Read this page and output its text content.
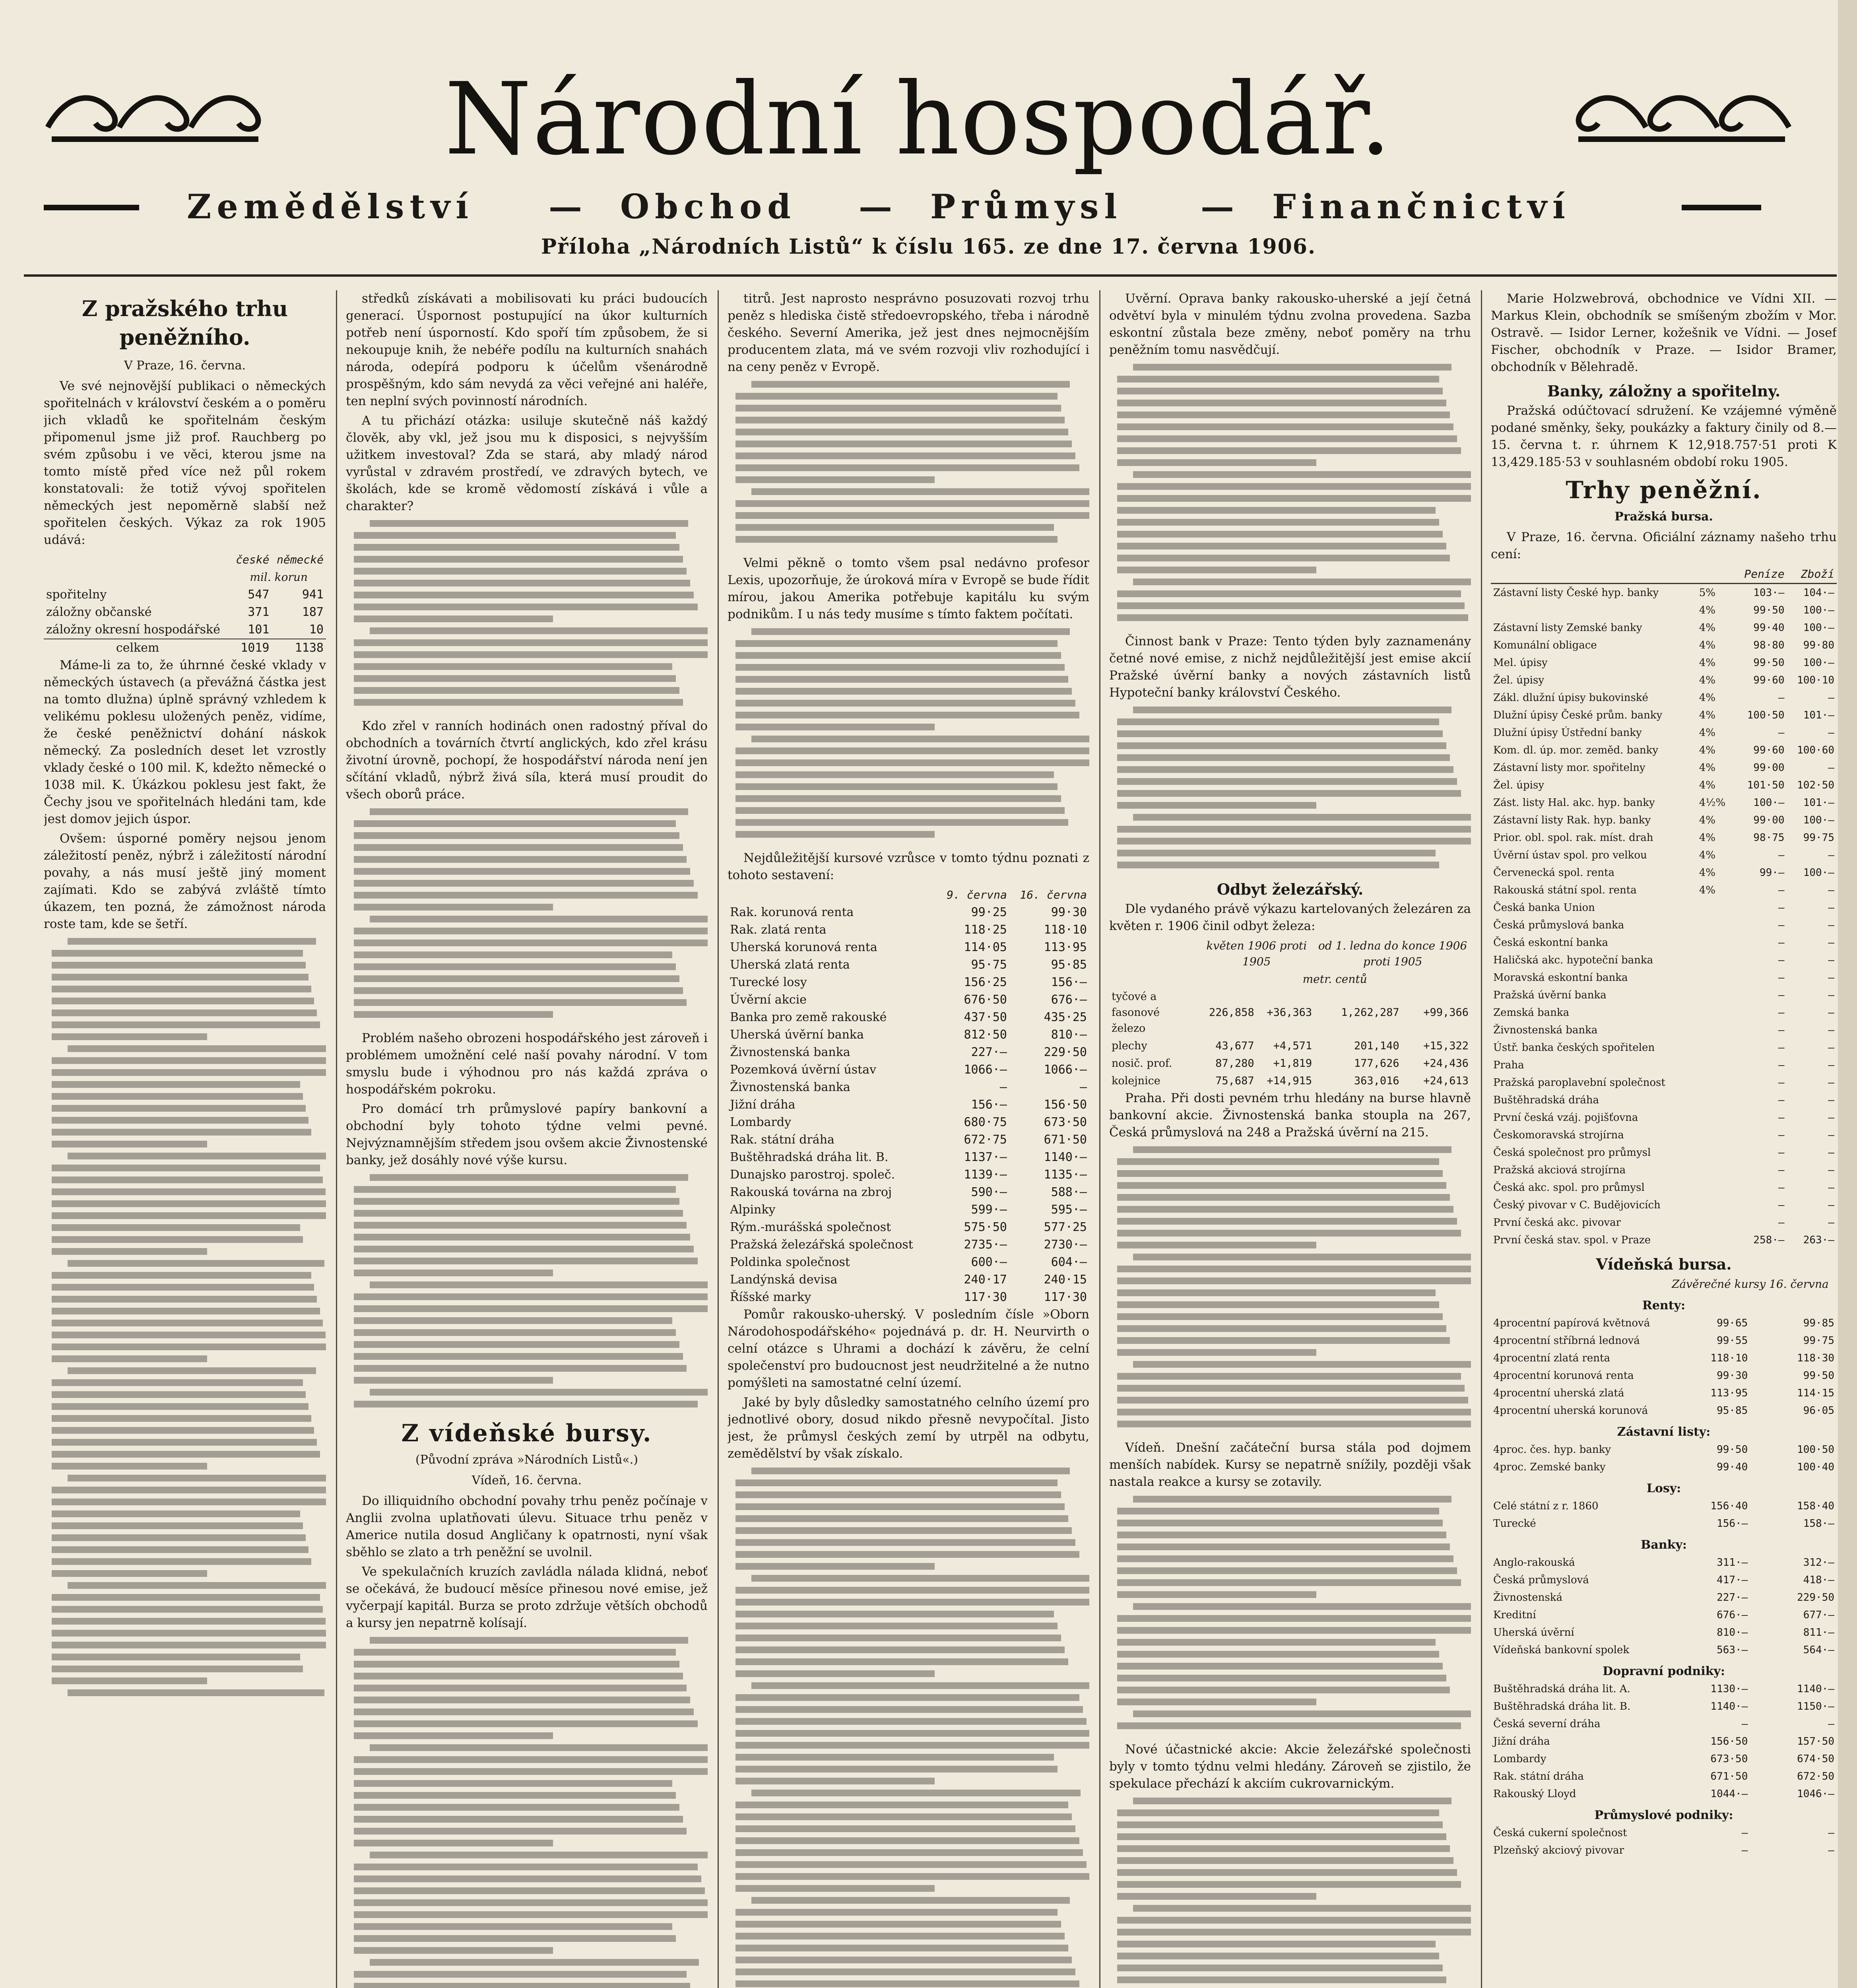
Národní hospodář.
Zemědělství — Obchod — Průmysl — Finančnictví
Příloha „Národních Listů“ k číslu 165. ze dne 17. června 1906.
Z pražského trhu peněžního.
V Praze, 16. června.

Ve své nejnovější publikaci o německých spořitelnách v království českém a o poměru jich vkladů ke spořitelnám českým připomenul jsme již prof. Rauchberg po svém způsobu i ve věci, kterou jsme na tomto místě před více než půl rokem konstatovali: že totiž vývoj spořitelen německých jest nepoměrně slabší než spořitelen českých. Výkaz za rok 1905 udává:

	české	německé
	mil. korun	
spořitelny	547	941
záložny občanské	371	187
záložny okresní hospodářské	101	10
celkem	1019	1138

Máme-li za to, že úhrnné české vklady v německých ústavech (a převážná částka jest na tomto dlužna) úplně správný vzhledem k velikému poklesu uložených peněz, vidíme, že české peněžnictví dohání náskok německý. Za posledních deset let vzrostly vklady české o 100 mil. K, kdežto německé o 1038 mil. K. Úkázkou poklesu jest fakt, že Čechy jsou ve spořitelnách hledáni tam, kde jest domov jejich úspor.

Ovšem: úsporné poměry nejsou jenom záležitostí peněz, nýbrž i záležitostí národní povahy, a nás musí ještě jiný moment zajímati. Kdo se zabývá zvláště tímto úkazem, ten pozná, že zámožnost národa roste tam, kde se šetří.

středků získávati a mobilisovati ku práci budoucích generací. Úspornost postupující na úkor kulturních potřeb není úsporností. Kdo spoří tím způsobem, že si nekoupuje knih, že nebéře podílu na kulturních snahách národa, odepírá podporu k účelům všenárodně prospěšným, kdo sám nevydá za věci veřejné ani haléře, ten neplní svých povinností národních.

A tu přichází otázka: usiluje skutečně náš každý člověk, aby vkl, jež jsou mu k disposici, s nejvyšším užitkem investoval? Zda se stará, aby mladý národ vyrůstal v zdravém prostředí, ve zdravých bytech, ve školách, kde se kromě vědomostí získává i vůle a charakter?

Kdo zřel v ranních hodinách onen radostný příval do obchodních a továrních čtvrtí anglických, kdo zřel krásu životní úrovně, pochopí, že hospodářství národa není jen sčítání vkladů, nýbrž živá síla, která musí proudit do všech oborů práce.

Problém našeho obrozeni hospodářského jest zároveň i problémem umožnění celé naší povahy národní. V tom smyslu bude i výhodnou pro nás každá zpráva o hospodářském pokroku.

Pro domácí trh průmyslové papíry bankovní a obchodní byly tohoto týdne velmi pevné. Nejvýznamnějším středem jsou ovšem akcie Živnostenské banky, jež dosáhly nové výše kursu.

Z vídeňské bursy.
(Původní zpráva »Národních Listů«.)
Vídeň, 16. června.

Do illiquidního obchodní povahy trhu peněz počínaje v Anglii zvolna uplatňovati úlevu. Situace trhu peněz v Americe nutila dosud Angličany k opatrnosti, nyní však sběhlo se zlato a trh peněžní se uvolnil.

Ve spekulačních kruzích zavládla nálada klidná, neboť se očekává, že budoucí měsíce přinesou nové emise, jež vyčerpají kapitál. Burza se proto zdržuje větších obchodů a kursy jen nepatrně kolísají.

titrů. Jest naprosto nesprávno posuzovati rozvoj trhu peněz s hlediska čistě středoevropského, třeba i národně českého. Severní Amerika, jež jest dnes nejmocnějším producentem zlata, má ve svém rozvoji vliv rozhodující i na ceny peněz v Evropě.

Velmi pěkně o tomto všem psal nedávno profesor Lexis, upozorňuje, že úroková míra v Evropě se bude řídit mírou, jakou Amerika potřebuje kapitálu ku svým podnikům. I u nás tedy musíme s tímto faktem počítati.

Nejdůležitější kursové vzrůsce v tomto týdnu poznati z tohoto sestavení:

	9. června	16. června
Rak. korunová renta	99·25	99·30
Rak. zlatá renta	118·25	118·10
Uherská korunová renta	114·05	113·95
Uherská zlatá renta	95·75	95·85
Turecké losy	156·25	156·—
Úvěrní akcie	676·50	676·—
Banka pro země rakouské	437·50	435·25
Uherská úvěrní banka	812·50	810·—
Živnostenská banka	227·—	229·50
Pozemková úvěrní ústav	1066·—	1066·—
Živnostenská banka	—	—
Jižní dráha	156·—	156·50
Lombardy	680·75	673·50
Rak. státní dráha	672·75	671·50
Buštěhradská dráha lit. B.	1137·—	1140·—
Dunajsko parostroj. společ.	1139·—	1135·—
Rakouská továrna na zbroj	590·—	588·—
Alpinky	599·—	595·—
Rým.-murášská společnost	575·50	577·25
Pražská železářská společnost	2735·—	2730·—
Poldinka společnost	600·—	604·—
Landýnská devisa	240·17	240·15
Říšské marky	117·30	117·30

Pomůr rakousko-uherský. V posledním čísle »Oborn Národohospodářského« pojednává p. dr. H. Neurvirth o celní otázce s Uhrami a dochází k závěru, že celní společenství pro budoucnost jest neudržitelné a že nutno pomýšleti na samostatné celní území.

Jaké by byly důsledky samostatného celního území pro jednotlivé obory, dosud nikdo přesně nevypočítal. Jisto jest, že průmysl českých zemí by utrpěl na odbytu, zemědělství by však získalo.

Uvěrní. Oprava banky rakousko-uherské a její četná odvětví byla v minulém týdnu zvolna provedena. Sazba eskontní zůstala beze změny, neboť poměry na trhu peněžním tomu nasvědčují.

Činnost bank v Praze: Tento týden byly zaznamenány četné nové emise, z nichž nejdůležitější jest emise akcií Pražské úvěrní banky a nových zástavních listů Hypoteční banky království Českého.

Odbyt železářský.

Dle vydaného právě výkazu kartelovaných železáren za květen r. 1906 činil odbyt železa:

	květen 1906 proti 1905		od 1. ledna do konce 1906 proti 1905	
	metr. centů			
tyčové a fasonové železo	226,858	+36,363	1,262,287	+99,366
plechy	43,677	+4,571	201,140	+15,322
nosič. prof.	87,280	+1,819	177,626	+24,436
kolejnice	75,687	+14,915	363,016	+24,613

Praha. Při dosti pevném trhu hledány na burse hlavně bankovní akcie. Živnostenská banka stoupla na 267, Česká průmyslová na 248 a Pražská úvěrní na 215.

Vídeň. Dnešní začáteční bursa stála pod dojmem menších nabídek. Kursy se nepatrně snížily, později však nastala reakce a kursy se zotavily.

Nové účastnické akcie: Akcie železářské společnosti byly v tomto týdnu velmi hledány. Zároveň se zjistilo, že spekulace přechází k akciím cukrovarnickým.

Marie Holzwebrová, obchodnice ve Vídni XII. — Markus Klein, obchodník se smíšeným zbožím v Mor. Ostravě. — Isidor Lerner, kožešnik ve Vídni. — Josef Fischer, obchodník v Praze. — Isidor Bramer, obchodník v Bělehradě.

Banky, záložny a spořitelny.

Pražská odúčtovací sdružení. Ke vzájemné výměně podané směnky, šeky, poukázky a faktury činily od 8.—15. června t. r. úhrnem K 12,918.757·51 proti K 13,429.185·53 v souhlasném období roku 1905.

Trhy peněžní.
Pražská bursa.

V Praze, 16. června. Oficiální záznamy našeho trhu cení:

		Peníze	Zboží
Zástavní listy České hyp. banky	5%	103·—	104·—
	4%	99·50	100·—
Zástavní listy Zemské banky	4%	99·40	100·—
Komunální obligace	4%	98·80	99·80
Mel. úpisy	4%	99·50	100·—
Žel. úpisy	4%	99·60	100·10
Zákl. dlužní úpisy bukovinské	4%	—	—
Dlužní úpisy České prům. banky	4%	100·50	101·—
Dlužní úpisy Ústřední banky	4%	—	—
Kom. dl. úp. mor. zeměd. banky	4%	99·60	100·60
Zástavní listy mor. spořitelny	4%	99·00	—
Žel. úpisy	4%	101·50	102·50
Zást. listy Hal. akc. hyp. banky	4½%	100·—	101·—
Zástavní listy Rak. hyp. banky	4%	99·00	100·—
Prior. obl. spol. rak. míst. drah	4%	98·75	99·75
Úvěrní ústav spol. pro velkou	4%	—	—
Červenecká spol. renta	4%	99·—	100·—
Rakouská státní spol. renta	4%	—	—
Česká banka Union		—	—
Česká průmyslová banka		—	—
Česká eskontní banka		—	—
Haličská akc. hypoteční banka		—	—
Moravská eskontní banka		—	—
Pražská úvěrní banka		—	—
Zemská banka		—	—
Živnostenská banka		—	—
Ústř. banka českých spořitelen		—	—
Praha		—	—
Pražská paroplavební společnost		—	—
Buštěhradská dráha		—	—
První česká vzáj. pojišťovna		—	—
Českomoravská strojírna		—	—
Česká společnost pro průmysl		—	—
Pražská akciová strojírna		—	—
Česká akc. spol. pro průmysl		—	—
Český pivovar v C. Budějovicích		—	—
První česká akc. pivovar		—	—
První česká stav. spol. v Praze		258·—	263·—
Vídeňská bursa.
	Závěrečné kursy 16. června	
Renty:		
4procentní papírová květnová	99·65	99·85
4procentní stříbrná lednová	99·55	99·75
4procentní zlatá renta	118·10	118·30
4procentní korunová renta	99·30	99·50
4procentní uherská zlatá	113·95	114·15
4procentní uherská korunová	95·85	96·05
Zástavní listy:		
4proc. čes. hyp. banky	99·50	100·50
4proc. Zemské banky	99·40	100·40
Losy:		
Celé státní z r. 1860	156·40	158·40
Turecké	156·—	158·—
Banky:		
Anglo-rakouská	311·—	312·—
Česká průmyslová	417·—	418·—
Živnostenská	227·—	229·50
Kreditní	676·—	677·—
Uherská úvěrní	810·—	811·—
Vídeňská bankovní spolek	563·—	564·—
Dopravní podniky:		
Buštěhradská dráha lit. A.	1130·—	1140·—
Buštěhradská dráha lit. B.	1140·—	1150·—
Česká severní dráha	—	—
Jižní dráha	156·50	157·50
Lombardy	673·50	674·50
Rak. státní dráha	671·50	672·50
Rakouský Lloyd	1044·—	1046·—
Průmyslové podniky:		
Česká cukerní společnost	—	—
Plzeňský akciový pivovar	—	—
